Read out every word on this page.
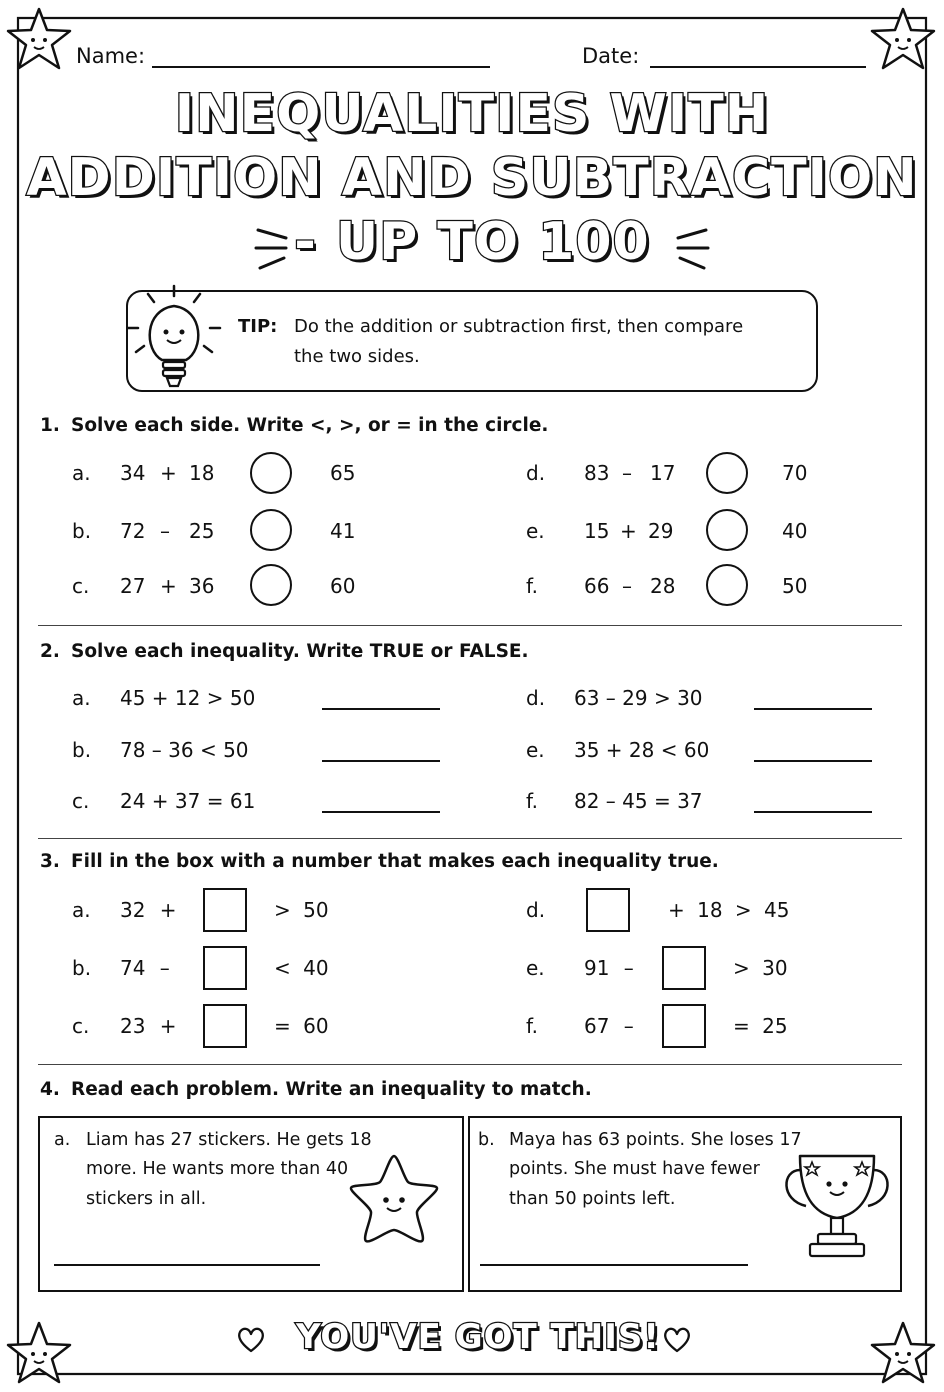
Name:	Date:
INEQUALITIES WITH
ADDITION AND SUBTRACTION
- UP TO 100
TIP: Do the addition or subtraction first, then compare
the two sides.
1. Solve each side. Write <, >, or = in the circle.
a. 34 + 18	65
b. 72 – 25	41
c. 27 + 36	60
d. 83 – 17	70
e. 15 + 29	40
f. 66 – 28	50
2. Solve each inequality. Write TRUE or FALSE.
a. 45 + 12 > 50
b. 78 – 36 < 50
c. 24 + 37 = 61
d. 63 – 29 > 30
e. 35 + 28 < 60
f. 82 – 45 = 37
3. Fill in the box with a number that makes each inequality true.
a. 32 +	> 50
b. 74 –	< 40
c. 23 +	= 60
d.	+ 18 > 45
e. 91 –	> 30
f. 67 –	= 25
4. Read each problem. Write an inequality to match.
a. Liam has 27 stickers. He gets 18
more. He wants more than 40
stickers in all.
b. Maya has 63 points. She loses 17
points. She must have fewer
than 50 points left.
YOU'VE GOT THIS!
